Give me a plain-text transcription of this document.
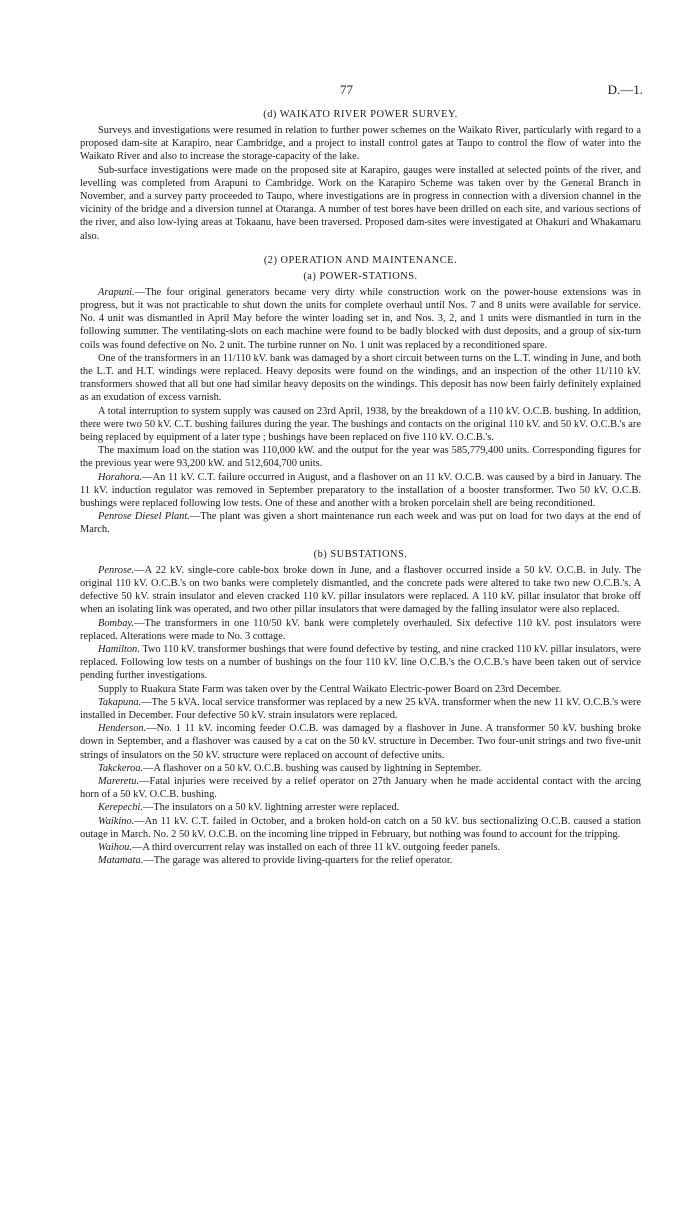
77	D.—1.
(d) WAIKATO RIVER POWER SURVEY.

Surveys and investigations were resumed in relation to further power schemes on the Waikato River, particularly with regard to a proposed dam-site at Karapiro, near Cambridge, and a project to install control gates at Taupo to control the flow of water into the Waikato River and also to increase the storage-capacity of the lake.

Sub-surface investigations were made on the proposed site at Karapiro, gauges were installed at selected points of the river, and levelling was completed from Arapuni to Cambridge. Work on the Karapiro Scheme was taken over by the General Branch in November, and a survey party proceeded to Taupo, where investigations are in progress in connection with a diversion channel in the vicinity of the bridge and a diversion tunnel at Otaranga. A number of test bores have been drilled on each site, and various sections of the river, and also low-lying areas at Tokaanu, have been traversed. Proposed dam-sites were investigated at Ohakuri and Whakamaru also.

(2) OPERATION AND MAINTENANCE.
(a) POWER-STATIONS.

Arapuni.—The four original generators became very dirty while construction work on the power-house extensions was in progress, but it was not practicable to shut down the units for complete overhaul until Nos. 7 and 8 units were available for service. No. 4 unit was dismantled in April May before the winter loading set in, and Nos. 3, 2, and 1 units were dismantled in turn in the following summer. The ventilating-slots on each machine were found to be badly blocked with dust deposits, and a group of six-turn coils was found defective on No. 2 unit. The turbine runner on No. 1 unit was replaced by a reconditioned spare.

One of the transformers in an 11/110 kV. bank was damaged by a short circuit between turns on the L.T. winding in June, and both the L.T. and H.T. windings were replaced. Heavy deposits were found on the windings, and an inspection of the other 11/110 kV. transformers showed that all but one had similar heavy deposits on the windings. This deposit has now been fairly definitely explained as an exudation of excess varnish.

A total interruption to system supply was caused on 23rd April, 1938, by the breakdown of a 110 kV. O.C.B. bushing. In addition, there were two 50 kV. C.T. bushing failures during the year. The bushings and contacts on the original 110 kV. and 50 kV. O.C.B.'s are being replaced by equipment of a later type ; bushings have been replaced on five 110 kV. O.C.B.'s.

The maximum load on the station was 110,000 kW. and the output for the year was 585,779,400 units. Corresponding figures for the previous year were 93,200 kW. and 512,604,700 units.

Horahora.—An 11 kV. C.T. failure occurred in August, and a flashover on an 11 kV. O.C.B. was caused by a bird in January. The 11 kV. induction regulator was removed in September preparatory to the installation of a booster transformer. Two 50 kV. O.C.B. bushings were replaced following low tests. One of these and another with a broken porcelain shell are being reconditioned.

Penrose Diesel Plant.—The plant was given a short maintenance run each week and was put on load for two days at the end of March.

(b) SUBSTATIONS.

Penrose.—A 22 kV. single-core cable-box broke down in June, and a flashover occurred inside a 50 kV. O.C.B. in July. The original 110 kV. O.C.B.'s on two banks were completely dismantled, and the concrete pads were altered to take two new O.C.B.'s. A defective 50 kV. strain insulator and eleven cracked 110 kV. pillar insulators were replaced. A 110 kV. pillar insulator that broke off when an isolating link was operated, and two other pillar insulators that were damaged by the falling insulator were also replaced.

Bombay.—The transformers in one 110/50 kV. bank were completely overhauled. Six defective 110 kV. post insulators were replaced. Alterations were made to No. 3 cottage.

Hamilton. Two 110 kV. transformer bushings that were found defective by testing, and nine cracked 110 kV. pillar insulators, were replaced. Following low tests on a number of bushings on the four 110 kV. line O.C.B.'s the O.C.B.'s have been taken out of service pending further investigations.

Supply to Ruakura State Farm was taken over by the Central Waikato Electric-power Board on 23rd December.

Takapuna.—The 5 kVA. local service transformer was replaced by a new 25 kVA. transformer when the new 11 kV. O.C.B.'s were installed in December. Four defective 50 kV. strain insulators were replaced.

Henderson.—No. 1 11 kV. incoming feeder O.C.B. was damaged by a flashover in June. A transformer 50 kV. bushing broke down in September, and a flashover was caused by a cat on the 50 kV. structure in December. Two four-unit strings and two five-unit strings of insulators on the 50 kV. structure were replaced on account of defective units.

Takckeroa.—A flashover on a 50 kV. O.C.B. bushing was caused by lightning in September.

Mareretu.—Fatal injuries were received by a relief operator on 27th January when he made accidental contact with the arcing horn of a 50 kV. O.C.B. bushing.

Kerepechi.—The insulators on a 50 kV. lightning arrester were replaced.

Waikino.—An 11 kV. C.T. failed in October, and a broken hold-on catch on a 50 kV. bus sectionalizing O.C.B. caused a station outage in March. No. 2 50 kV. O.C.B. on the incoming line tripped in February, but nothing was found to account for the tripping.

Waihou.—A third overcurrent relay was installed on each of three 11 kV. outgoing feeder panels.

Matamata.—The garage was altered to provide living-quarters for the relief operator.
